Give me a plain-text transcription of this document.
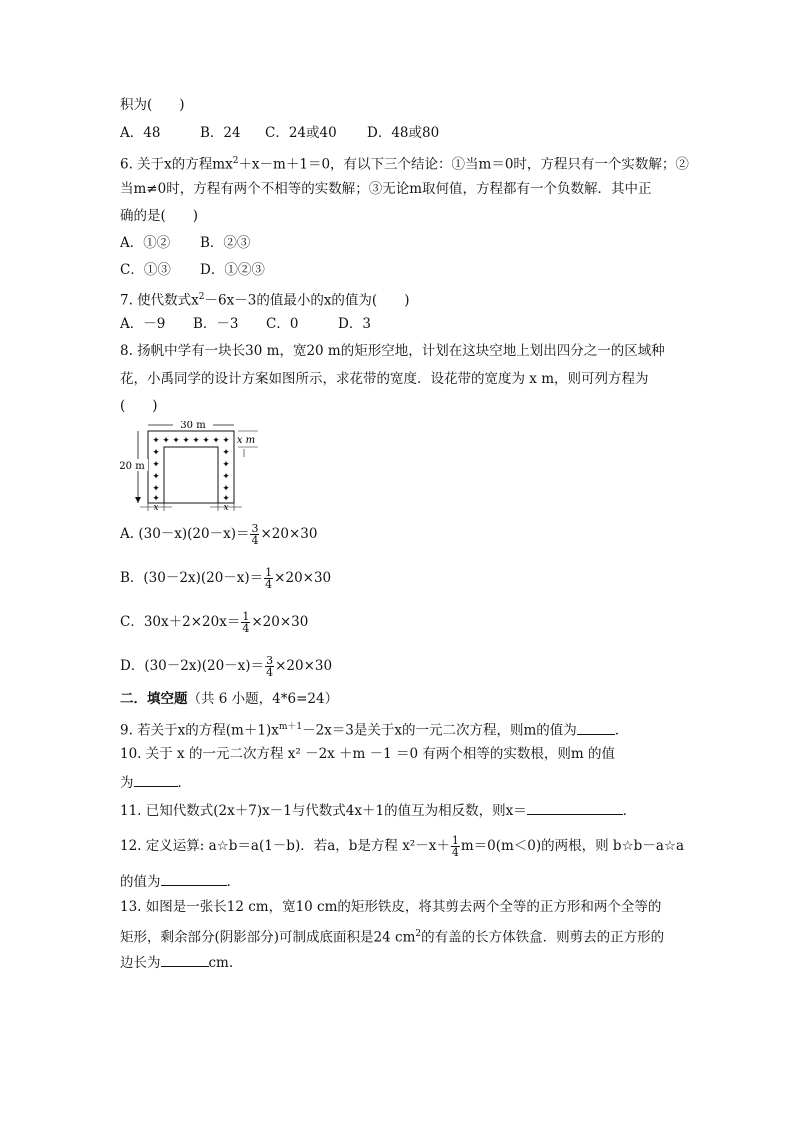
积为(　　)
A．48	B．24 C．24或40 D．48或80
6. 关于x的方程$mx^2+x-m+1=0$，有以下三个结论：①当m＝0时，方程只有一个实数解；②
当m≠0时，方程有两个不相等的实数解；③无论m取何值，方程都有一个负数解．其中正
确的是(　　)
A．①② B．②③
C．①③ D．①②③
7. 使代数式$x^2-6x-3$的值最小的x的值为(　　)
A．－9 B．－3 C．0	D．3
8. 扬帆中学有一块长30 m，宽20 m的矩形空地，计划在这块空地上划出四分之一的区域种
花，小禹同学的设计方案如图所示，求花带的宽度．设花带的宽度为 x m，则可列方程为
(　　)
30 m
20 m
x m
x	x
✦ ✦ ✦ ✦ ✦ ✦ ✦ ✦
✦
✦
✦
✦
✦
✦
✦
✦
✦
✦
A. $(30-x)(20-x)= \frac{3}{4} \times 20\times 30$
B．$(30-2x)(20-x)= \frac{1}{4} \times 20\times 30$
C．$30x+2\times 20x= \frac{1}{4} \times 20\times 30$
D．$(30-2x)(20-x)= \frac{3}{4} \times 20\times 30$
二．填空题（共 6 小题，4*6=24）
9. 若关于x的方程$(m+1)x^{m+1}-2x=3$是关于x的一元二次方程，则m的值为	．
10. 关于 x 的一元二次方程 x² －2x ＋m －1 ＝0 有两个相等的实数根，则m 的值
为	．
11. 已知代数式(2x＋7)x－1与代数式4x＋1的值互为相反数，则x＝	．
12. 定义运算: a☆b＝a(1－b)．若a，b是方程 $x^2-x+ \frac{1}{4} m=0(m<0)$的两根，则 b☆b－a☆a
的值为	.
13. 如图是一张长12 cm，宽10 cm的矩形铁皮，将其剪去两个全等的正方形和两个全等的
矩形，剩余部分(阴影部分)可制成底面积是24 $cm^2$的有盖的长方体铁盒．则剪去的正方形的
边长为	cm.
